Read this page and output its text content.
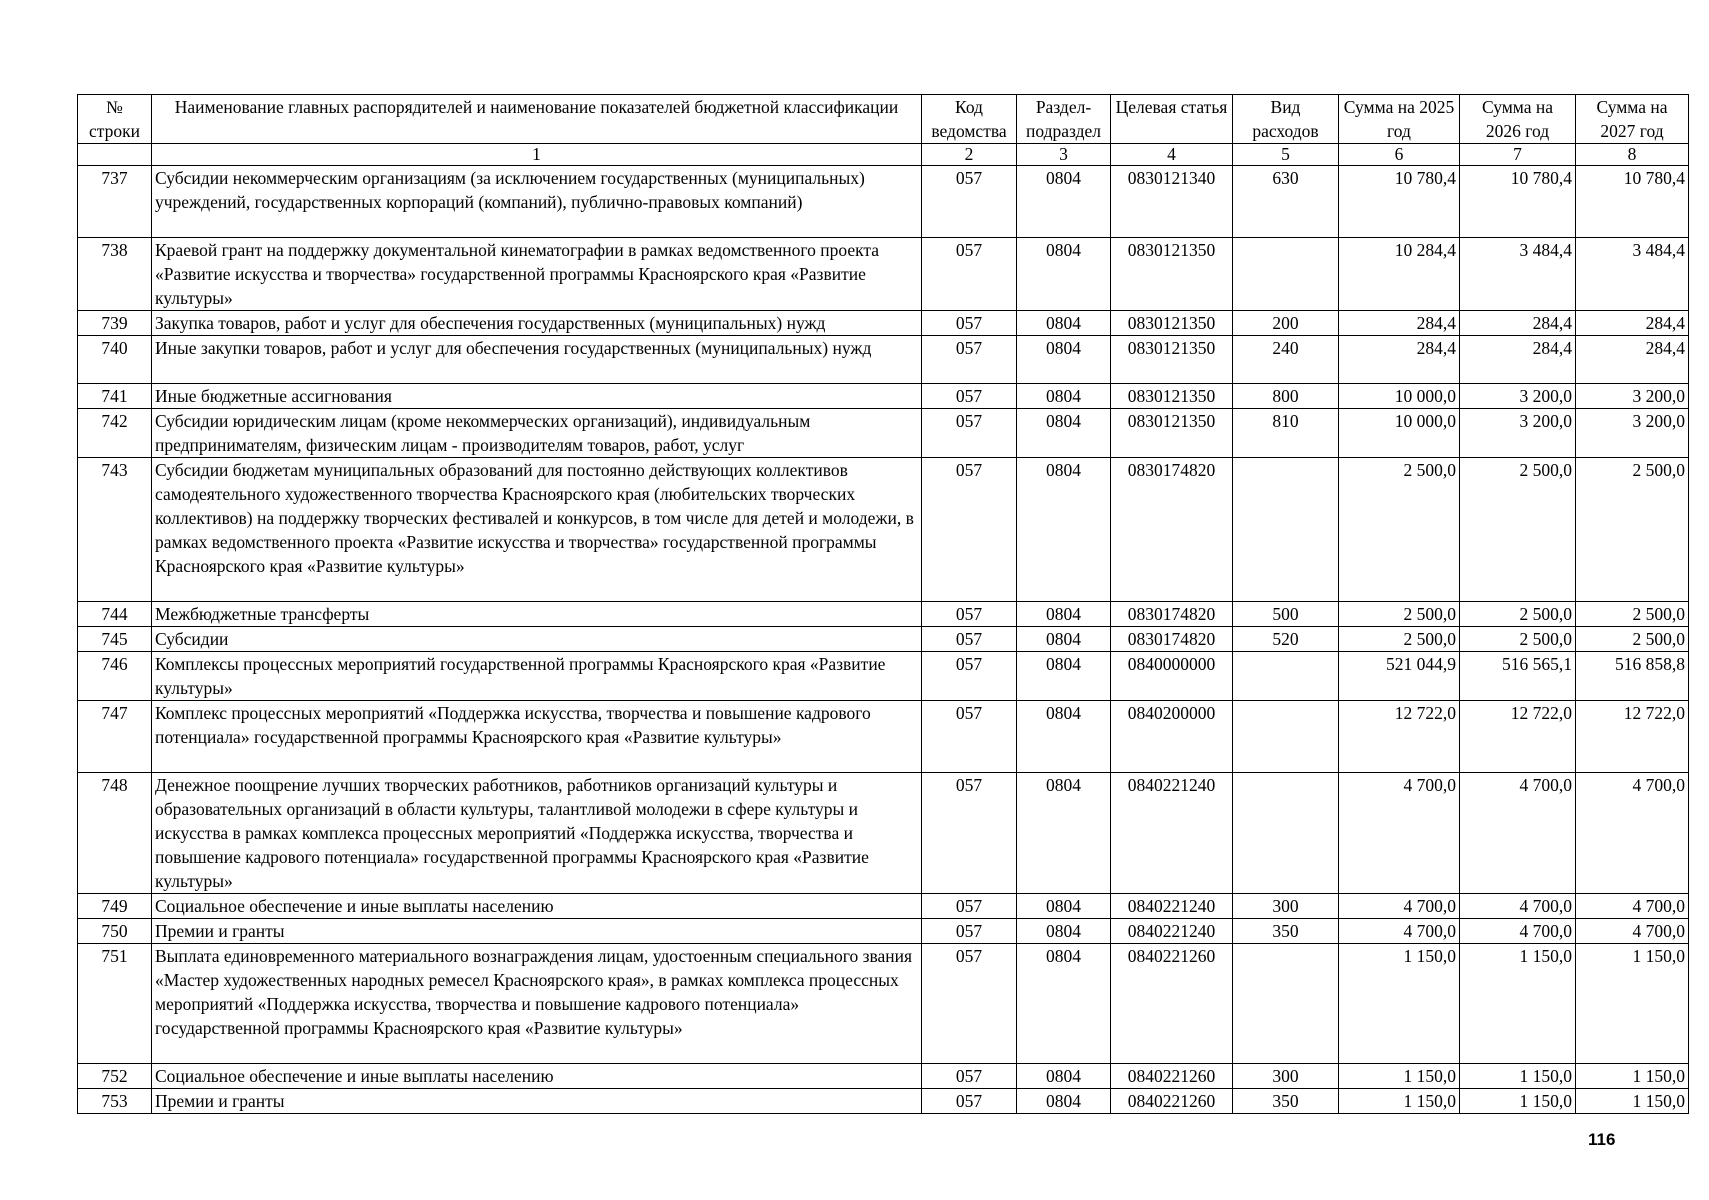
№ строки	Наименование главных распорядителей и наименование показателей бюджетной классификации	Код ведомства	Раздел-подраздел	Целевая статья	Вид расходов	Сумма на 2025 год	Сумма на 2026 год	Сумма на 2027 год
	1	2	3	4	5	6	7	8
737	Субсидии некоммерческим организациям (за исключением государственных (муниципальных) учреждений, государственных корпораций (компаний), публично-правовых компаний)	057	0804	0830121340	630	10 780,4	10 780,4	10 780,4
738	Краевой грант на поддержку документальной кинематографии в рамках ведомственного проекта «Развитие искусства и творчества» государственной программы Красноярского края «Развитие культуры»	057	0804	0830121350		10 284,4	3 484,4	3 484,4
739	Закупка товаров, работ и услуг для обеспечения государственных (муниципальных) нужд	057	0804	0830121350	200	284,4	284,4	284,4
740	Иные закупки товаров, работ и услуг для обеспечения государственных (муниципальных) нужд	057	0804	0830121350	240	284,4	284,4	284,4
741	Иные бюджетные ассигнования	057	0804	0830121350	800	10 000,0	3 200,0	3 200,0
742	Субсидии юридическим лицам (кроме некоммерческих организаций), индивидуальным предпринимателям, физическим лицам - производителям товаров, работ, услуг	057	0804	0830121350	810	10 000,0	3 200,0	3 200,0
743	Субсидии бюджетам муниципальных образований для постоянно действующих коллективов самодеятельного художественного творчества Красноярского края (любительских творческих коллективов) на поддержку творческих фестивалей и конкурсов, в том числе для детей и молодежи, в рамках ведомственного проекта «Развитие искусства и творчества» государственной программы Красноярского края «Развитие культуры»	057	0804	0830174820		2 500,0	2 500,0	2 500,0
744	Межбюджетные трансферты	057	0804	0830174820	500	2 500,0	2 500,0	2 500,0
745	Субсидии	057	0804	0830174820	520	2 500,0	2 500,0	2 500,0
746	Комплексы процессных мероприятий государственной программы Красноярского края «Развитие культуры»	057	0804	0840000000		521 044,9	516 565,1	516 858,8
747	Комплекс процессных мероприятий «Поддержка искусства, творчества и повышение кадрового потенциала» государственной программы Красноярского края «Развитие культуры»	057	0804	0840200000		12 722,0	12 722,0	12 722,0
748	Денежное поощрение лучших творческих работников, работников организаций культуры и образовательных организаций в области культуры, талантливой молодежи в сфере культуры и искусства в рамках комплекса процессных мероприятий «Поддержка искусства, творчества и повышение кадрового потенциала» государственной программы Красноярского края «Развитие культуры»	057	0804	0840221240		4 700,0	4 700,0	4 700,0
749	Социальное обеспечение и иные выплаты населению	057	0804	0840221240	300	4 700,0	4 700,0	4 700,0
750	Премии и гранты	057	0804	0840221240	350	4 700,0	4 700,0	4 700,0
751	Выплата единовременного материального вознаграждения лицам, удостоенным специального звания «Мастер художественных народных ремесел Красноярского края», в рамках комплекса процессных мероприятий «Поддержка искусства, творчества и повышение кадрового потенциала» государственной программы Красноярского края «Развитие культуры»	057	0804	0840221260		1 150,0	1 150,0	1 150,0
752	Социальное обеспечение и иные выплаты населению	057	0804	0840221260	300	1 150,0	1 150,0	1 150,0
753	Премии и гранты	057	0804	0840221260	350	1 150,0	1 150,0	1 150,0
116
